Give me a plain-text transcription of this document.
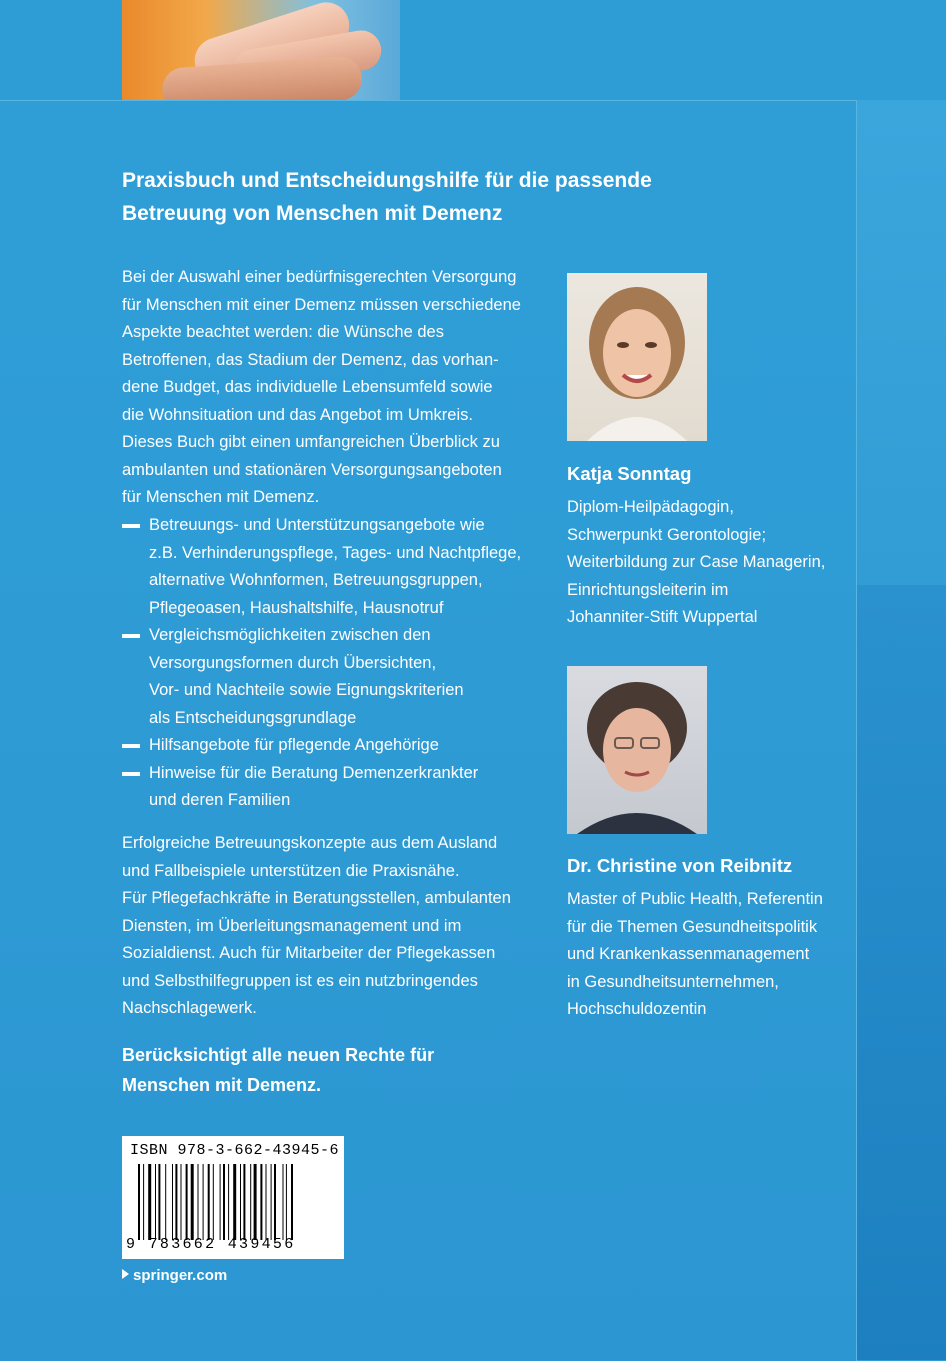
Praxisbuch und Entscheidungshilfe für die passende
Betreuung von Menschen mit Demenz
Bei der Auswahl einer bedürfnisgerechten Versorgung
für Menschen mit einer Demenz müssen verschiedene
Aspekte beachtet werden: die Wünsche des
Betroffenen, das Stadium der Demenz, das vorhan-
dene Budget, das individuelle Lebensumfeld sowie
die Wohnsituation und das Angebot im Umkreis.
Dieses Buch gibt einen umfangreichen Überblick zu
ambulanten und stationären Versorgungsangeboten
für Menschen mit Demenz.
Betreuungs- und Unterstützungsangebote wie
z.B. Verhinderungspflege, Tages- und Nachtpflege,
alternative Wohnformen, Betreuungsgruppen,
Pflegeoasen, Haushaltshilfe, Hausnotruf
Vergleichsmöglichkeiten zwischen den
Versorgungsformen durch Übersichten,
Vor- und Nachteile sowie Eignungskriterien
als Entscheidungsgrundlage
Hilfsangebote für pflegende Angehörige
Hinweise für die Beratung Demenzerkrankter
und deren Familien
Erfolgreiche Betreuungskonzepte aus dem Ausland
und Fallbeispiele unterstützen die Praxisnähe.
Für Pflegefachkräfte in Beratungsstellen, ambulanten
Diensten, im Überleitungsmanagement und im
Sozialdienst. Auch für Mitarbeiter der Pflegekassen
und Selbsthilfegruppen ist es ein nutzbringendes
Nachschlagewerk.
Berücksichtigt alle neuen Rechte für
Menschen mit Demenz.
Katja Sonntag
Diplom-Heilpädagogin,
Schwerpunkt Gerontologie;
Weiterbildung zur Case Managerin,
Einrichtungsleiterin im
Johanniter-Stift Wuppertal
Dr. Christine von Reibnitz
Master of Public Health, Referentin
für die Themen Gesundheitspolitik
und Krankenkassenmanagement
in Gesundheitsunternehmen,
Hochschuldozentin
ISBN 978-3-662-43945-6
9 783662 439456
springer.com
